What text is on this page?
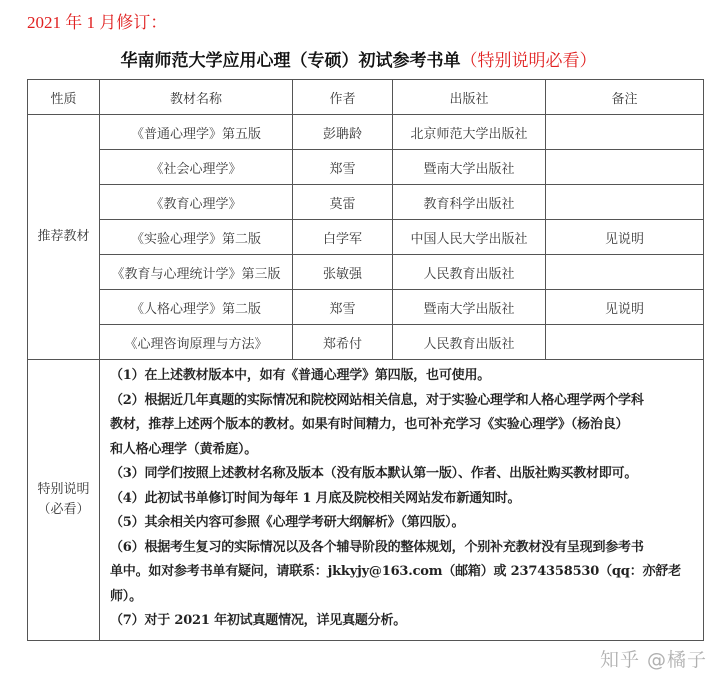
2021 年 1 月修订：
华南师范大学应用心理（专硕）初试参考书单（特别说明必看）
性质	教材名称	作者	出版社	备注
推荐教材	《普通心理学》第五版	彭聃龄	北京师范大学出版社	
	《社会心理学》	郑雪	暨南大学出版社	
	《教育心理学》	莫雷	教育科学出版社	
	《实验心理学》第二版	白学军	中国人民大学出版社	见说明
	《教育与心理统计学》第三版	张敏强	人民教育出版社	
	《人格心理学》第二版	郑雪	暨南大学出版社	见说明
	《心理咨询原理与方法》	郑希付	人民教育出版社	

特别说明
（必看）

（1）在上述教材版本中，如有《普通心理学》第四版，也可使用。
（2）根据近几年真题的实际情况和院校网站相关信息，对于实验心理学和人格心理学两个学科
教材，推荐上述两个版本的教材。如果有时间精力，也可补充学习《实验心理学》（杨治良）
和人格心理学（黄希庭）。
（3）同学们按照上述教材名称及版本（没有版本默认第一版）、作者、出版社购买教材即可。
（4）此初试书单修订时间为每年 1 月底及院校相关网站发布新通知时。
（5）其余相关内容可参照《心理学考研大纲解析》（第四版）。
（6）根据考生复习的实际情况以及各个辅导阶段的整体规划，个别补充教材没有呈现到参考书
单中。如对参考书单有疑问，请联系：jkkyjy@163.com（邮箱）或 2374358530（qq：亦舒老师）。
（7）对于 2021 年初试真题情况，详见真题分析。
知乎 @橘子
